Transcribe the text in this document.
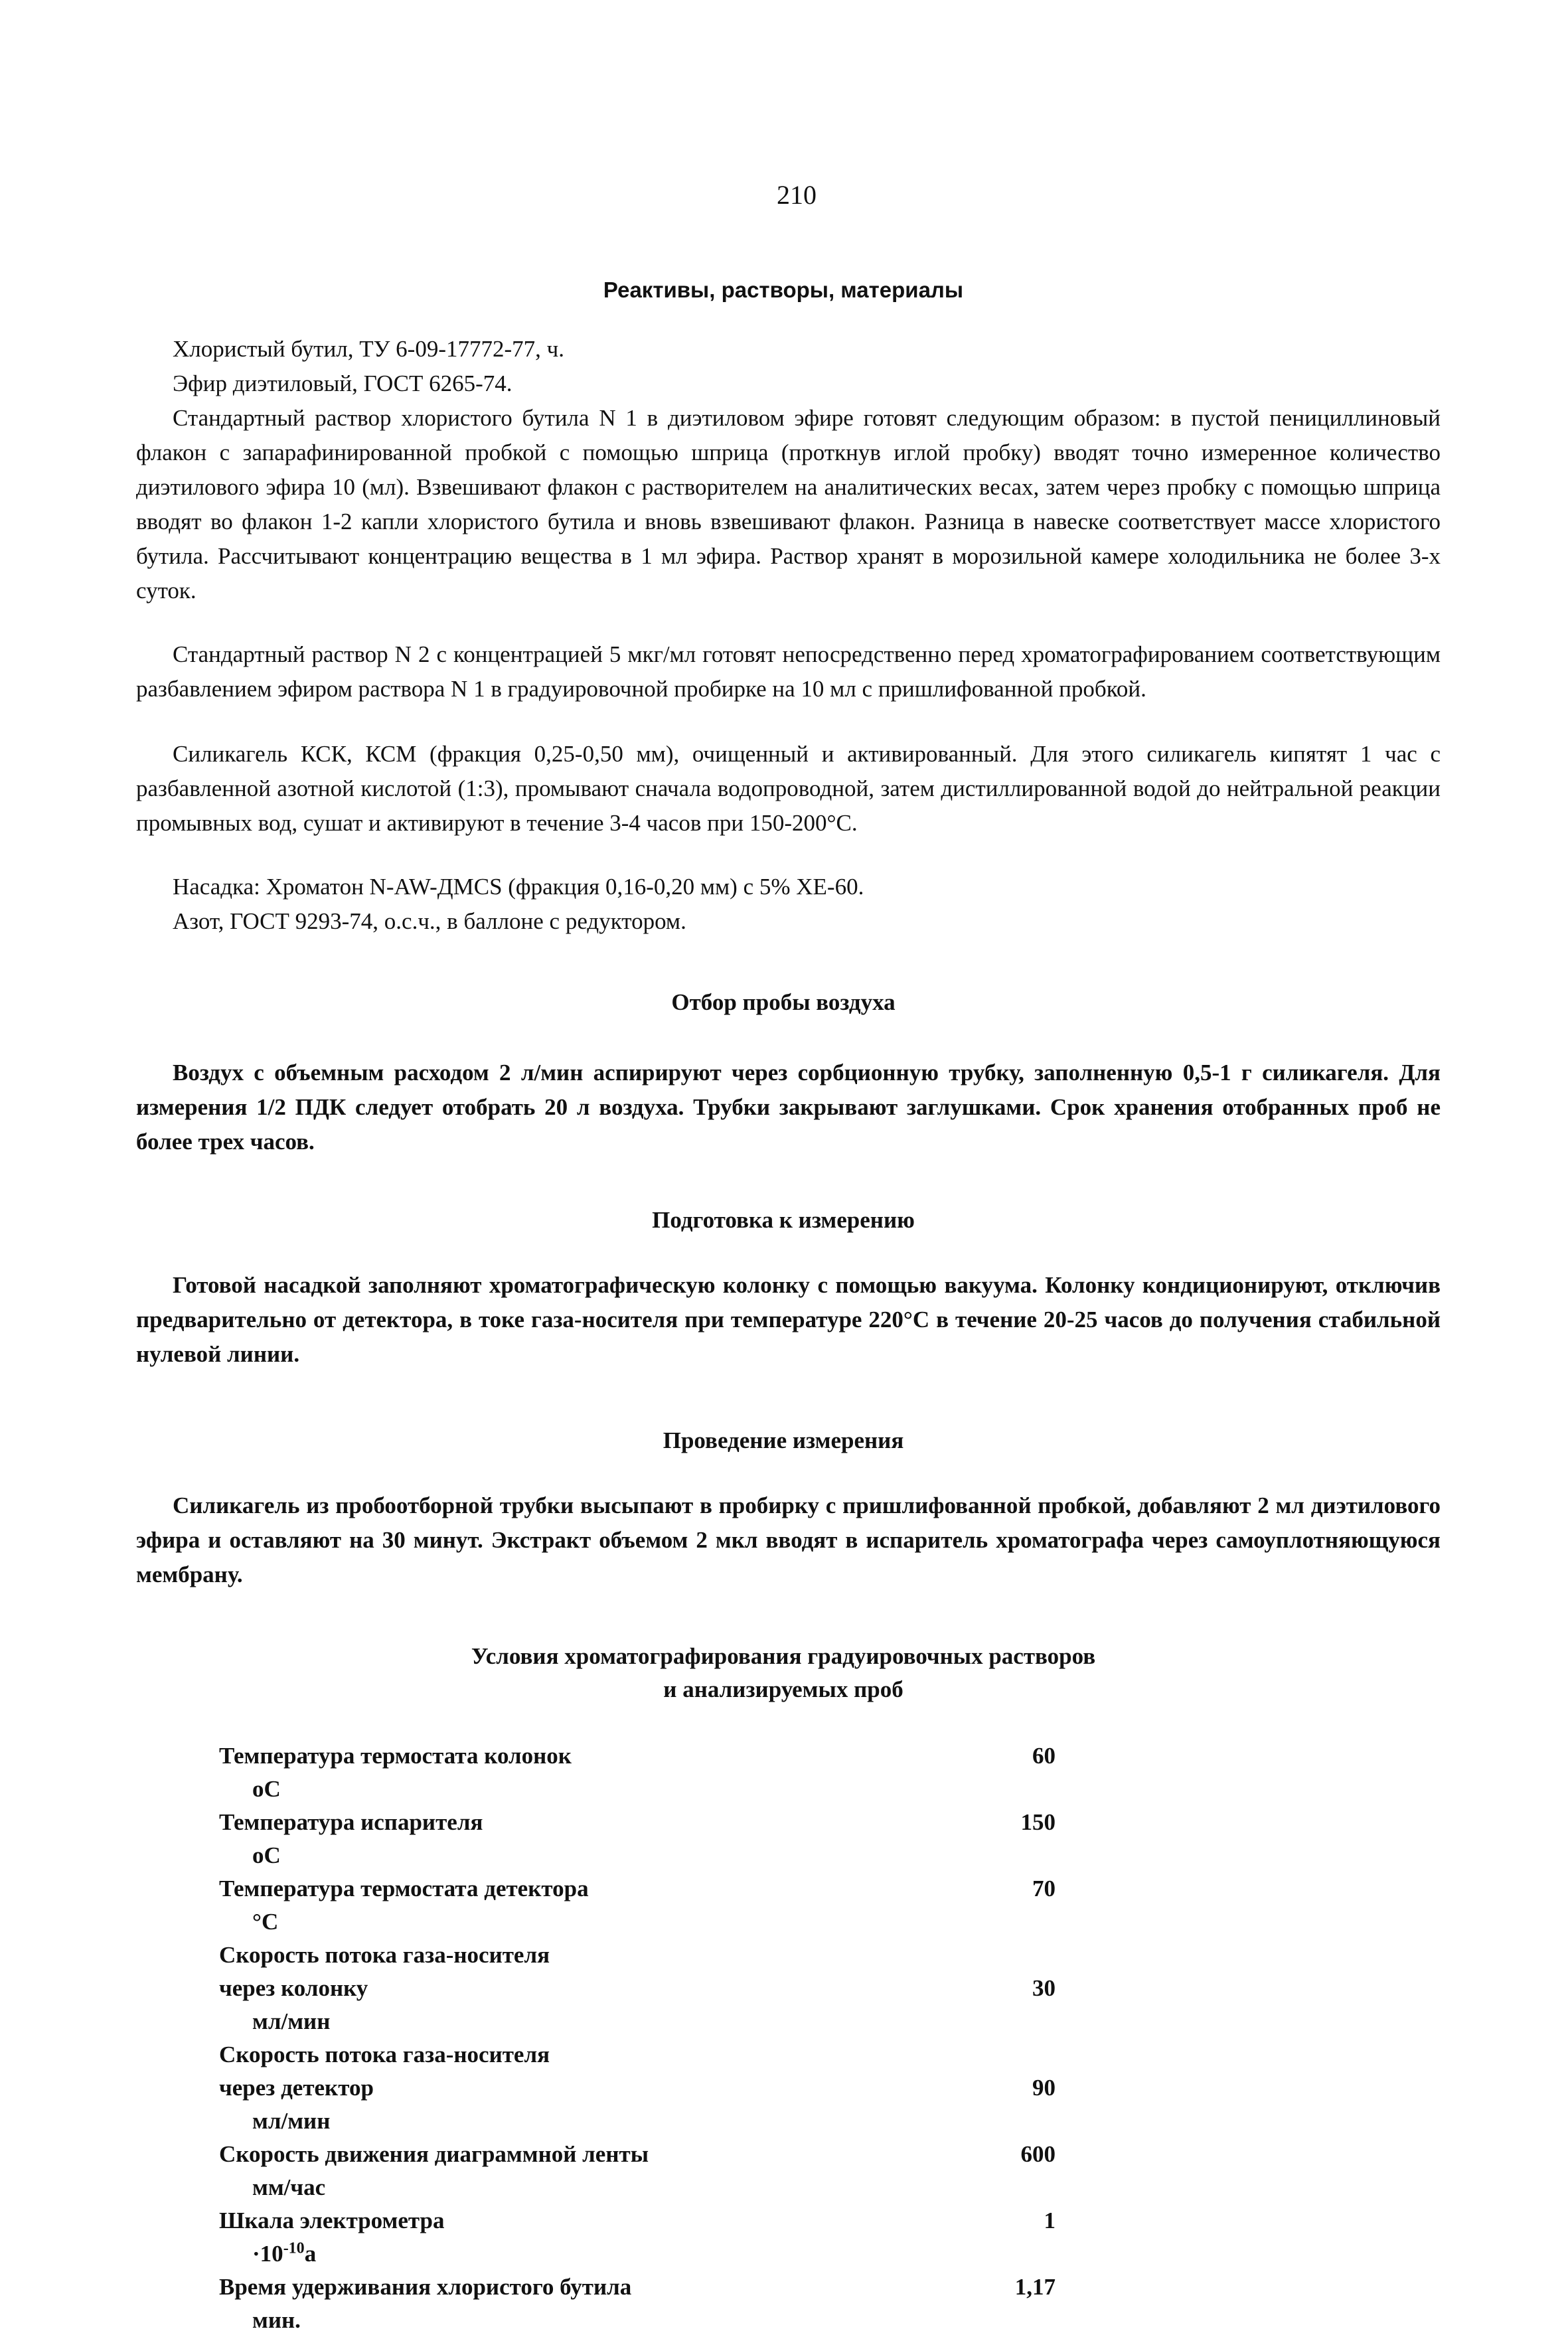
210
Реактивы, растворы, материалы
Хлористый бутил, ТУ 6-09-17772-77, ч.
Эфир диэтиловый, ГОСТ 6265-74.

Стандартный раствор хлористого бутила N 1 в диэтиловом эфире готовят следующим образом: в пустой пенициллиновый флакон с запарафинированной пробкой с помощью шприца (проткнув иглой пробку) вводят точно измеренное количество диэтилового эфира 10 (мл). Взвешивают флакон с растворителем на аналитических весах, затем через пробку с помощью шприца вводят во флакон 1-2 капли хлористого бутила и вновь взвешивают флакон. Разница в навеске соответствует массе хлористого бутила. Рассчитывают концентрацию вещества в 1 мл эфира. Раствор хранят в морозильной камере холодильника не более 3-х суток.

Стандартный раствор N 2 с концентрацией 5 мкг/мл готовят непосредственно перед хроматографированием соответствующим разбавлением эфиром раствора N 1 в градуировочной пробирке на 10 мл с пришлифованной пробкой.

Силикагель КСК, КСМ (фракция 0,25-0,50 мм), очищенный и активированный. Для этого силикагель кипятят 1 час с разбавленной азотной кислотой (1:3), промывают сначала водопроводной, затем дистиллированной водой до нейтральной реакции промывных вод, сушат и активируют в течение 3-4 часов при 150-200°С.

Насадка: Хроматон N-AW-ДМСS (фракция 0,16-0,20 мм) с 5% ХЕ-60.

Азот, ГОСТ 9293-74, о.с.ч., в баллоне с редуктором.

Отбор пробы воздуха

Воздух с объемным расходом 2 л/мин аспирируют через сорбционную трубку, заполненную 0,5-1 г силикагеля. Для измерения 1/2 ПДК следует отобрать 20 л воздуха. Трубки закрывают заглушками. Срок хранения отобранных проб не более трех часов.

Подготовка к измерению

Готовой насадкой заполняют хроматографическую колонку с помощью вакуума. Колонку кондиционируют, отключив предварительно от детектора, в токе газа-носителя при температуре 220°С в течение 20-25 часов до получения стабильной нулевой линии.

Проведение измерения

Силикагель из пробоотборной трубки высыпают в пробирку с пришлифованной пробкой, добавляют 2 мл диэтилового эфира и оставляют на 30 минут. Экстракт объемом 2 мкл вводят в испаритель хроматографа через самоуплотняющуюся мембрану.

Условия хроматографирования градуировочных растворов
и анализируемых проб
Температура термостата колонок	60оС
Температура испарителя	150оС
Температура термостата детектора	70°С
Скорость потока газа-носителя
через колонку	30мл/мин
Скорость потока газа-носителя
через детектор	90мл/мин
Скорость движения диаграммной ленты	600мм/час
Шкала электрометра	$1\cdot 10^{-10}а$
Время удерживания хлористого бутила	1,17мин.
